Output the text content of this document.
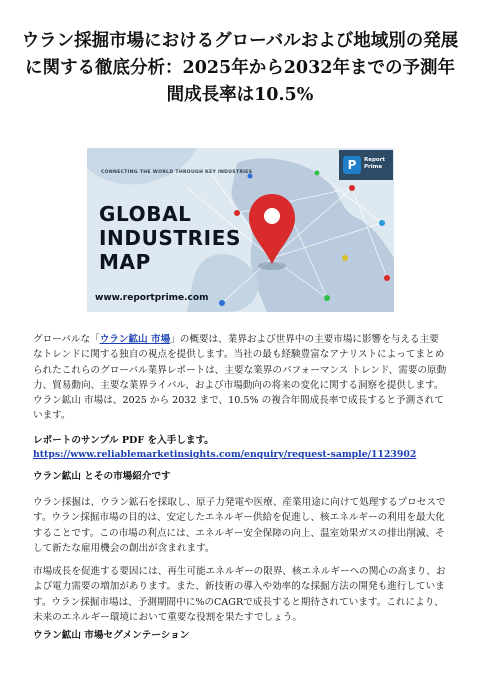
ウラン採掘市場におけるグローバルおよび地域別の発展に関する徹底分析：2025年から2032年までの予測年間成長率は10.5%
CONNECTING THE WORLD THROUGH KEY INDUSTRIES
GLOBAL
INDUSTRIES
MAP
www.reportprime.com
P	Report
Prime

グローバルな「ウラン鉱山 市場」の概要は、業界および世界中の主要市場に影響を与える主要なトレンドに関する独自の視点を提供します。当社の最も経験豊富なアナリストによってまとめられたこれらのグローバル業界レポートは、主要な業界のパフォーマンス トレンド、需要の原動力、貿易動向、主要な業界ライバル、および市場動向の将来の変化に関する洞察を提供します。ウラン鉱山 市場は、2025 から 2032 まで、10.5% の複合年間成長率で成長すると予測されています。

レポートのサンプル PDF を入手します。
https://www.reliablemarketinsights.com/enquiry/request-sample/1123902
ウラン鉱山 とその市場紹介です

ウラン採掘は、ウラン鉱石を採取し、原子力発電や医療、産業用途に向けて処理するプロセスです。ウラン採掘市場の目的は、安定したエネルギー供給を促進し、核エネルギーの利用を最大化することです。この市場の利点には、エネルギー安全保障の向上、温室効果ガスの排出削減、そして新たな雇用機会の創出が含まれます。

市場成長を促進する要因には、再生可能エネルギーの限界、核エネルギーへの関心の高まり、および電力需要の増加があります。また、新技術の導入や効率的な採掘方法の開発も進行しています。ウラン採掘市場は、予測期間中に%のCAGRで成長すると期待されています。これにより、未来のエネルギー環境において重要な役割を果たすでしょう。

ウラン鉱山 市場セグメンテーション
